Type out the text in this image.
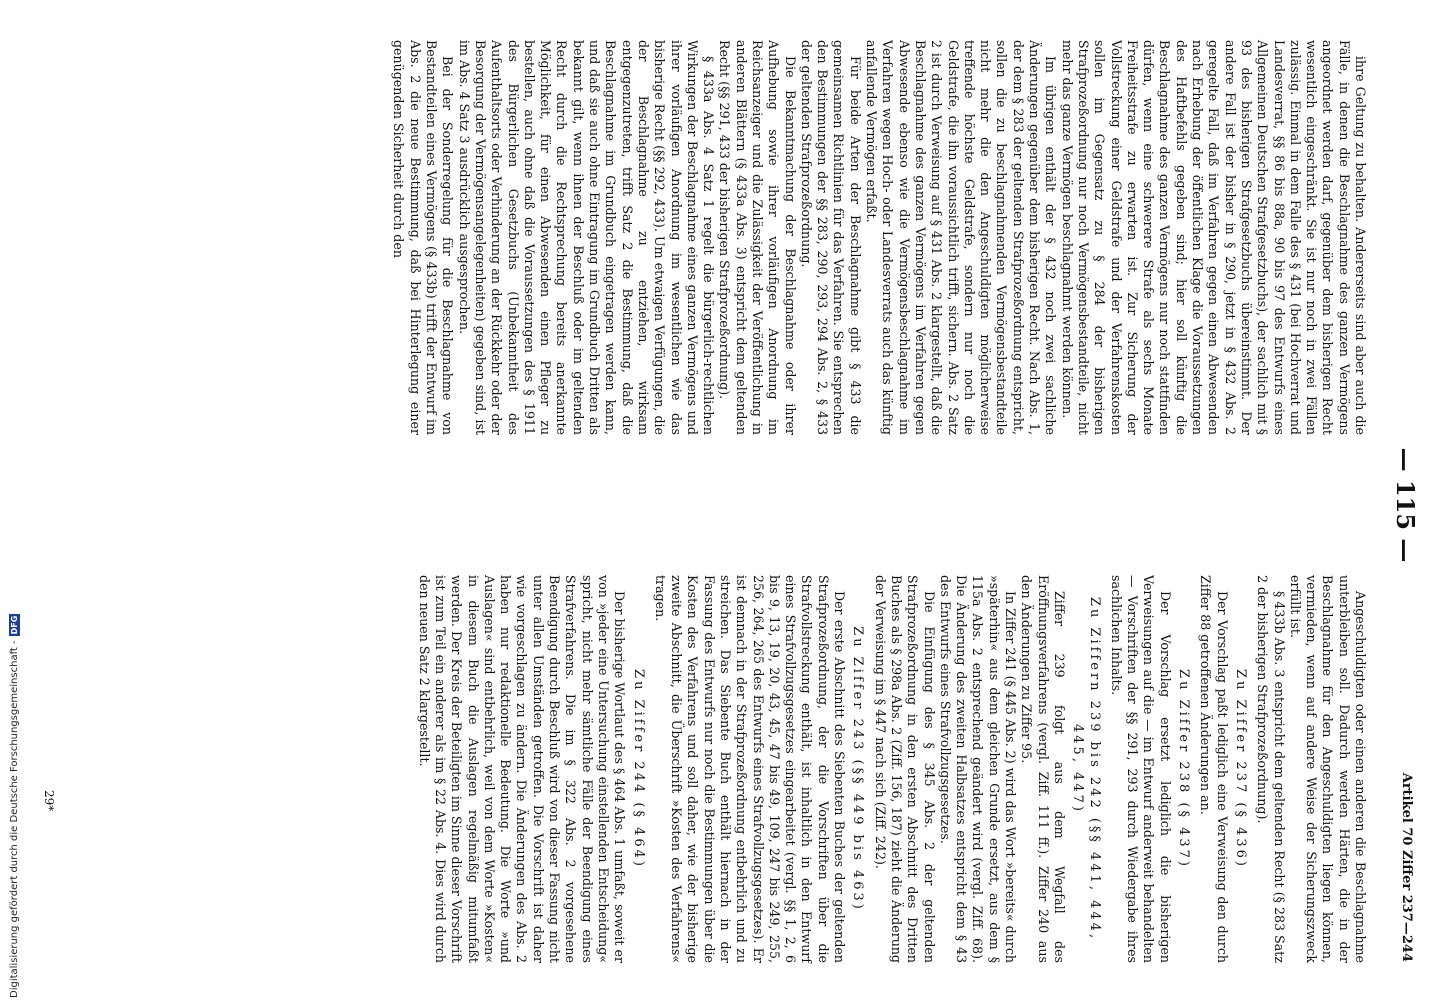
— 115 —
Artikel 70 Ziffer 237—244

ihre Geltung zu behalten. Andererseits sind aber auch die Fälle, in denen die Beschlagnahme des ganzen Vermögens angeordnet werden darf, gegenüber dem bisherigen Recht wesentlich eingeschränkt. Sie ist nur noch in zwei Fällen zulässig. Einmal in dem Falle des § 431 (bei Hochverrat und Landesverrat, §§ 86 bis 88a, 90 bis 97 des Entwurfs eines Allgemeinen Deutschen Strafgesetzbuchs), der sachlich mit § 93 des bisherigen Strafgesetzbuchs übereinstimmt. Der andere Fall ist der bisher in § 290, jetzt in § 432 Abs. 2 geregelte Fall, daß im Verfahren gegen einen Abwesenden nach Erhebung der öffentlichen Klage die Voraussetzungen des Haftbefehls gegeben sind; hier soll künftig die Beschlagnahme des ganzen Vermögens nur noch stattfinden dürfen, wenn eine schwerere Strafe als sechs Monate Freiheitsstrafe zu erwarten ist. Zur Sicherung der Vollstreckung einer Geldstrafe und der Verfahrenskosten sollen im Gegensatz zu § 284 der bisherigen Strafprozeßordnung nur noch Vermögensbestandteile, nicht mehr das ganze Vermögen beschlagnahmt werden können.

Im übrigen enthält der § 432 noch zwei sachliche Änderungen gegenüber dem bisherigen Recht. Nach Abs. 1, der dem § 283 der geltenden Strafprozeßordnung entspricht, sollen die zu beschlagnahmenden Vermögensbestandteile nicht mehr die den Angeschuldigten möglicherweise treffende höchste Geldstrafe, sondern nur noch die Geldstrafe, die ihn voraussichtlich trifft, sichern. Abs. 2 Satz 2 ist durch Verweisung auf § 431 Abs. 2 klargestellt, daß die Beschlagnahme des ganzen Vermögens im Verfahren gegen Abwesende ebenso wie die Vermögensbeschlagnahme im Verfahren wegen Hoch- oder Landesverrats auch das künftig anfallende Vermögen erfaßt.

Für beide Arten der Beschlagnahme gibt § 433 die gemeinsamen Richtlinien für das Verfahren. Sie entsprechen den Bestimmungen der §§ 283, 290, 293, 294 Abs. 2, § 433 der geltenden Strafprozeßordnung.

Die Bekanntmachung der Beschlagnahme oder ihrer Aufhebung sowie ihrer vorläufigen Anordnung im Reichsanzeiger und die Zulässigkeit der Veröffentlichung in anderen Blättern (§ 433a Abs. 3) entspricht dem geltenden Recht (§§ 291, 433 der bisherigen Strafprozeßordnung).

§ 433a Abs. 4 Satz 1 regelt die bürgerlich-rechtlichen Wirkungen der Beschlagnahme eines ganzen Vermögens und ihrer vorläufigen Anordnung im wesentlichen wie das bisherige Recht (§§ 292, 433). Um etwaigen Verfügungen, die der Beschlagnahme zu entziehen, wirksam entgegenzutreten, trifft Satz 2 die Bestimmung, daß die Beschlagnahme im Grundbuch eingetragen werden kann, und daß sie auch ohne Eintragung im Grundbuch Dritten als bekannt gilt, wenn ihnen der Beschluß oder im geltenden Recht durch die Rechtsprechung bereits anerkannte Möglichkeit, für einen Abwesenden einen Pfleger zu bestellen, auch ohne daß die Voraussetzungen des § 1911 des Bürgerlichen Gesetzbuchs (Unbekanntheit des Aufenthaltsorts oder Verhinderung an der Rückkehr oder der Besorgung der Vermögensangelegenheiten) gegeben sind, ist im Abs. 4 Satz 3 ausdrücklich ausgesprochen.

Bei der Sonderregelung für die Beschlagnahme von Bestandteilen eines Vermögens (§ 433b) trifft der Entwurf im Abs. 2 die neue Bestimmung, daß bei Hinterlegung einer genügenden Sicherheit durch den

Angeschuldigten oder einen anderen die Beschlagnahme unterbleiben soll. Dadurch werden Härten, die in der Beschlagnahme für den Angeschuldigten liegen können, vermieden, wenn auf andere Weise der Sicherungszweck erfüllt ist.

§ 433b Abs. 3 entspricht dem geltenden Recht (§ 283 Satz 2 der bisherigen Strafprozeßordnung).

Zu Ziffer 237 (§ 436)

Der Vorschlag paßt lediglich eine Verweisung den durch Ziffer 88 getroffenen Änderungen an.

Zu Ziffer 238 (§ 437)

Der Vorschlag ersetzt lediglich die bisherigen Verweisungen auf die — im Entwurf anderweit behandelten — Vorschriften der §§ 291, 293 durch Wiedergabe ihres sachlichen Inhalts.

Zu Ziffern 239 bis 242 (§§ 441, 444, 445, 447)

Ziffer 239 folgt aus dem Wegfall des Eröffnungsverfahrens (vergl. Ziff. 111 ff.). Ziffer 240 aus den Änderungen zu Ziffer 95.

In Ziffer 241 (§ 445 Abs. 2) wird das Wort »bereits« durch »späterhin« aus dem gleichen Grunde ersetzt, aus dem § 115a Abs. 2 entsprechend geändert wird (vergl. Ziff. 68). Die Änderung des zweiten Halbsatzes entspricht dem § 43 des Entwurfs eines Strafvollzugsgesetzes.

Die Einfügung des § 345 Abs. 2 der geltenden Strafprozeßordnung in den ersten Abschnitt des Dritten Buches als § 298a Abs. 2 (Ziff. 156, 187) zieht die Änderung der Verweisung im § 447 nach sich (Ziff. 242).

Zu Ziffer 243 (§§ 449 bis 463)

Der erste Abschnitt des Siebenten Buches der geltenden Strafprozeßordnung, der die Vorschriften über die Strafvollstreckung enthält, ist inhaltlich in den Entwurf eines Strafvollzugsgesetzes eingearbeitet (vergl. §§ 1, 2, 6 bis 9, 13, 19, 20, 43, 45, 47 bis 49, 109, 247 bis 249, 255, 256, 264, 265 des Entwurfs eines Strafvollzugsgesetzes). Er ist demnach in der Strafprozeßordnung entbehrlich und zu streichen. Das Siebente Buch enthält hiernach in der Fassung des Entwurfs nur noch die Bestimmungen über die Kosten des Verfahrens und soll daher, wie der bisherige zweite Abschnitt, die Überschrift »Kosten des Verfahrens« tragen.

Zu Ziffer 244 (§ 464)

Der bisherige Wortlaut des § 464 Abs. 1 umfaßt, soweit er von »jeder eine Untersuchung einstellenden Entscheidung« spricht, nicht mehr sämtliche Fälle der Beendigung eines Strafverfahrens. Die im § 322 Abs. 2 vorgesehene Beendigung durch Beschluß wird von dieser Fassung nicht unter allen Umständen getroffen. Die Vorschrift ist daher wie vorgeschlagen zu ändern. Die Änderungen des Abs. 2 haben nur redaktionelle Bedeutung. Die Worte »und Auslagen« sind entbehrlich, weil von dem Worte »Kosten« in diesem Buch die Auslagen regelmäßig mitumfaßt werden. Der Kreis der Beteiligten im Sinne dieser Vorschrift ist zum Teil ein anderer als im § 22 Abs. 4. Dies wird durch den neuen Satz 2 klargestellt.

29*
Digitalisierung gefördert durch die Deutsche Forschungsgemeinschaft -
DFG
